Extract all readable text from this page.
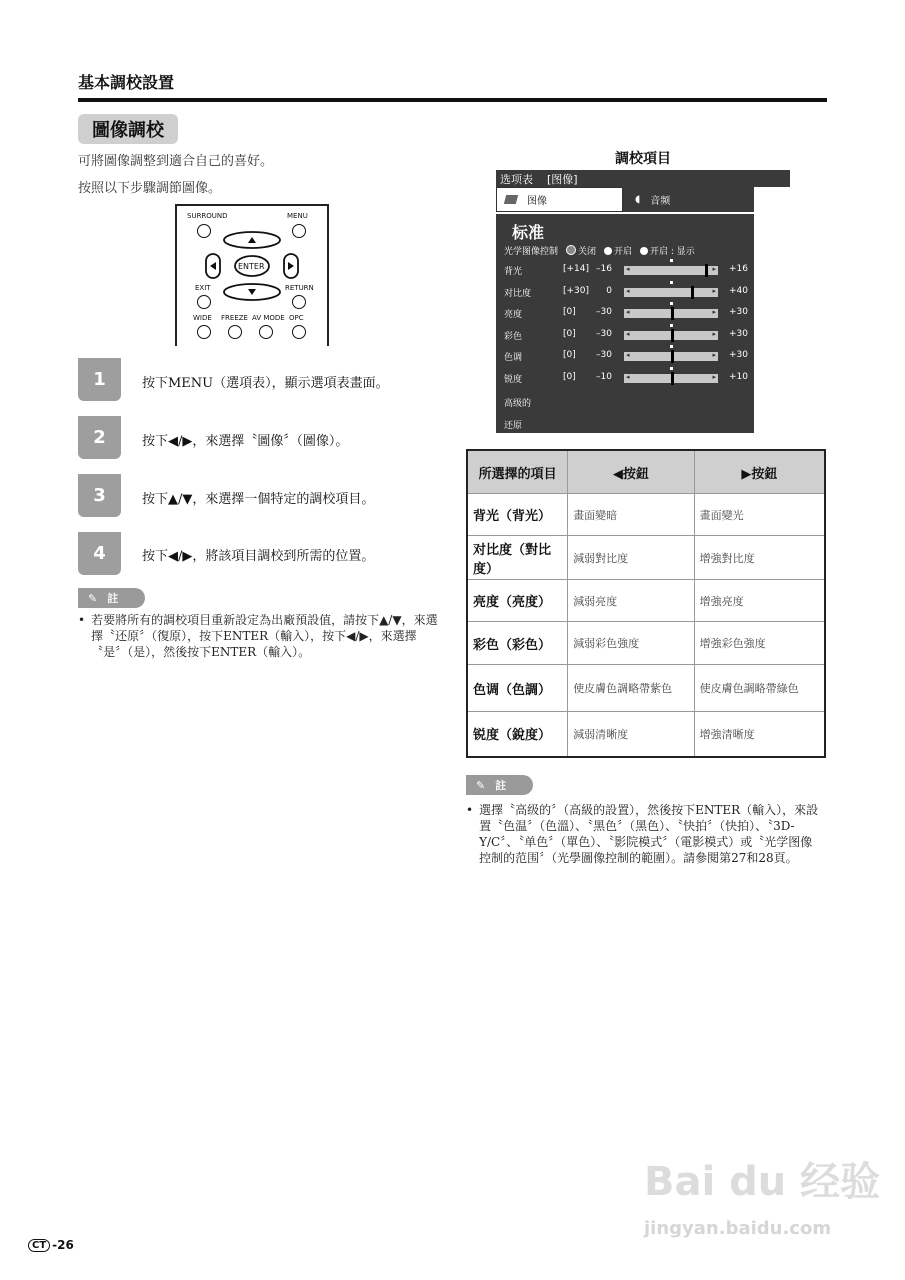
基本調校設置
圖像調校
可將圖像調整到適合自己的喜好。
按照以下步驟調節圖像。
SURROUND	MENU
ENTER
EXIT	RETURN
WIDE FREEZE AV MODE OPC
1	按下MENU（選項表），顯示選項表畫面。
2	按下◀/▶，來選擇〝圖像〞（圖像）。
3	按下▲/▼，來選擇一個特定的調校項目。
4	按下◀/▶，將該項目調校到所需的位置。
✎ 註
• 若要將所有的調校項目重新設定為出廠預設值，請按下▲/▼，來選擇〝还原〞（復原），按下ENTER（輸入），按下◀/▶，來選擇〝是〞（是），然後按下ENTER（輸入）。
調校項目
选项表 [图像]
图像	◖ 音频
标准
光学图像控制	关闭	开启	开启 : 显示
背光	[+14] –16 ◂	▸ +16
对比度	[+30] 0 ◂	▸ +40
亮度	[0] –30 ◂	▸ +30
彩色	[0] –30 ◂	▸ +30
色调	[0] –30 ◂	▸ +30
锐度	[0] –10 ◂	▸ +10
高级的
还原
所選擇的項目	◀按鈕	▶按鈕
背光（背光）	畫面變暗	畫面變光
对比度（對比度）	減弱對比度	增強對比度
亮度（亮度）	減弱亮度	增強亮度
彩色（彩色）	減弱彩色強度	增強彩色強度
色调（色調）	使皮膚色調略帶紫色	使皮膚色調略帶綠色
锐度（銳度）	減弱清晰度	增強清晰度
✎ 註
• 選擇〝高级的〞（高級的設置），然後按下ENTER（輸入），來設置〝色温〞（色溫）、〝黑色〞（黑色）、〝快拍〞（快拍）、〝3D-Y/C〞、〝单色〞（單色）、〝影院模式〞（電影模式）或〝光学图像控制的范围〞（光學圖像控制的範圍）。請參閱第27和28頁。
Bai du 经验
jingyan.baidu.com
CT -26
